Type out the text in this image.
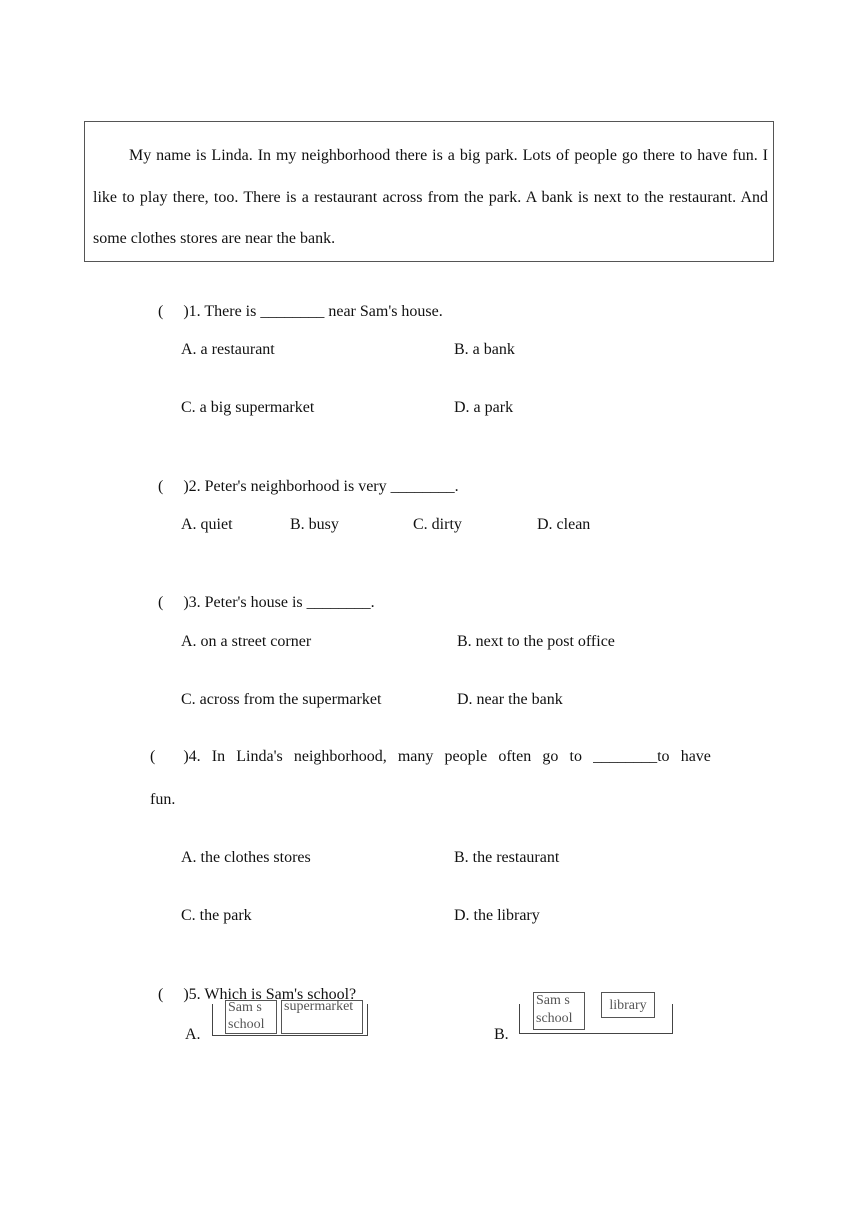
My name is Linda. In my neighborhood there is a big park. Lots of people go there to have fun. I like to play there, too. There is a restaurant across from the park. A bank is next to the restaurant. And some clothes stores are near the bank.

( )1. There is ________ near Sam's house.

A. a restaurant	B. a bank
C. a big supermarket	D. a park

( )2. Peter's neighborhood is very ________.

A. quiet	B. busy	C. dirty	D. clean

( )3. Peter's house is ________.

A. on a street corner	B. next to the post office
C. across from the supermarket	D. near the bank
( )4. In Linda's neighborhood, many people often go to ________to have
fun.
A. the clothes stores	B. the restaurant
C. the park	D. the library

( )5. Which is Sam's school?

A.	B.
Sam s
school
supermarket	Sam s
school
library
